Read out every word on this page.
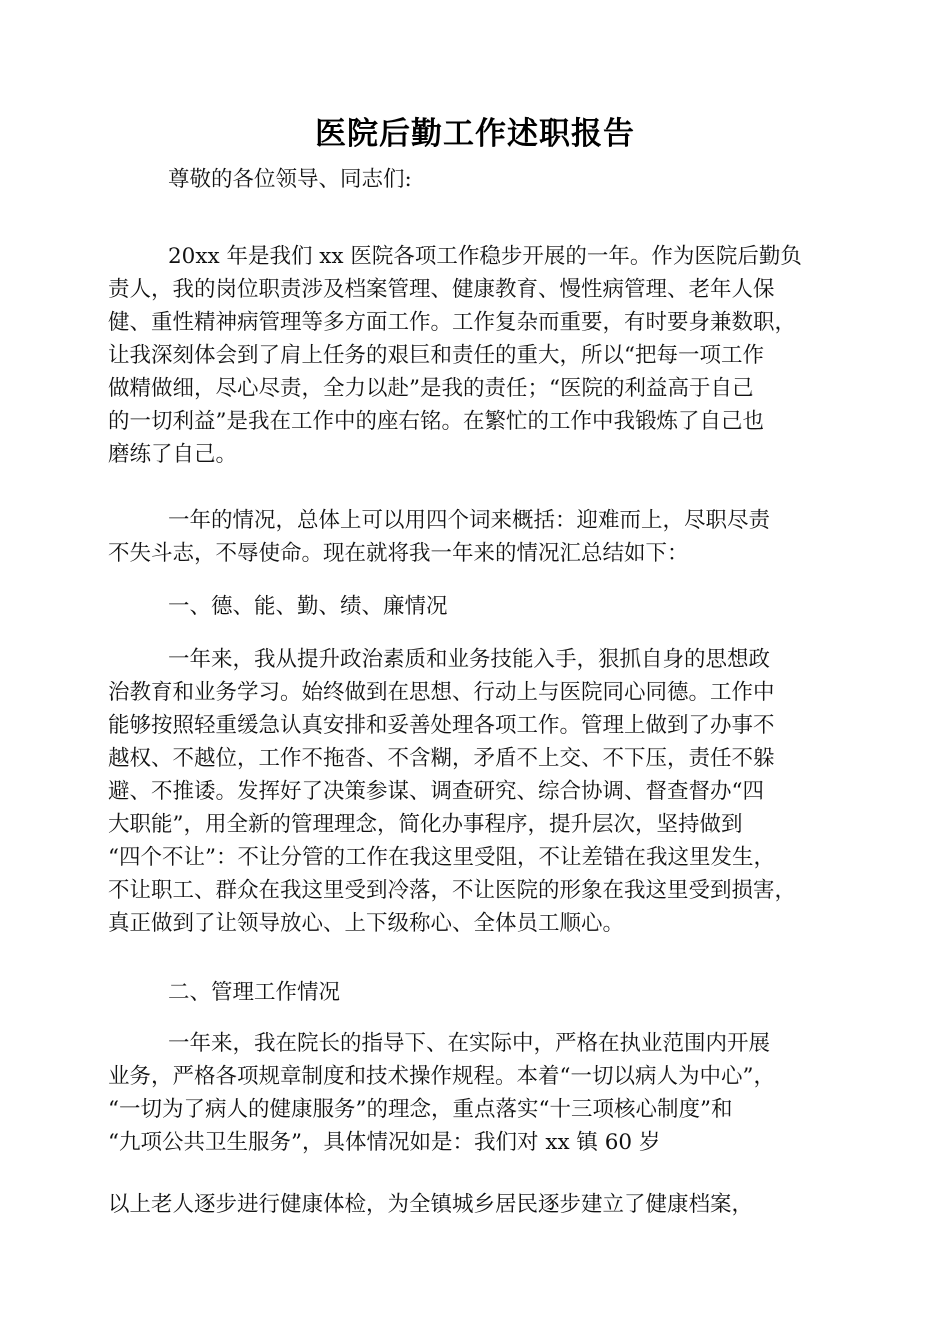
医院后勤工作述职报告

尊敬的各位领导、同志们:

20xx 年是我们 xx 医院各项工作稳步开展的一年。作为医院后勤负
责人，我的岗位职责涉及档案管理、健康教育、慢性病管理、老年人保
健、重性精神病管理等多方面工作。工作复杂而重要，有时要身兼数职，
让我深刻体会到了肩上任务的艰巨和责任的重大，所以“把每一项工作
做精做细，尽心尽责，全力以赴”是我的责任；“医院的利益高于自己
的一切利益”是我在工作中的座右铭。在繁忙的工作中我锻炼了自己也
磨练了自己。

一年的情况，总体上可以用四个词来概括：迎难而上，尽职尽责
不失斗志，不辱使命。现在就将我一年来的情况汇总结如下：

一、德、能、勤、绩、廉情况

一年来，我从提升政治素质和业务技能入手，狠抓自身的思想政
治教育和业务学习。始终做到在思想、行动上与医院同心同德。工作中
能够按照轻重缓急认真安排和妥善处理各项工作。管理上做到了办事不
越权、不越位，工作不拖沓、不含糊，矛盾不上交、不下压，责任不躲
避、不推诿。发挥好了决策参谋、调查研究、综合协调、督查督办“四
大职能”，用全新的管理理念，简化办事程序，提升层次，坚持做到
“四个不让”：不让分管的工作在我这里受阻，不让差错在我这里发生，
不让职工、群众在我这里受到冷落，不让医院的形象在我这里受到损害，
真正做到了让领导放心、上下级称心、全体员工顺心。

二、管理工作情况

一年来，我在院长的指导下、在实际中，严格在执业范围内开展
业务，严格各项规章制度和技术操作规程。本着“一切以病人为中心”，
“一切为了病人的健康服务”的理念，重点落实“十三项核心制度”和
“九项公共卫生服务”，具体情况如是：我们对 xx 镇 60 岁

以上老人逐步进行健康体检，为全镇城乡居民逐步建立了健康档案，
